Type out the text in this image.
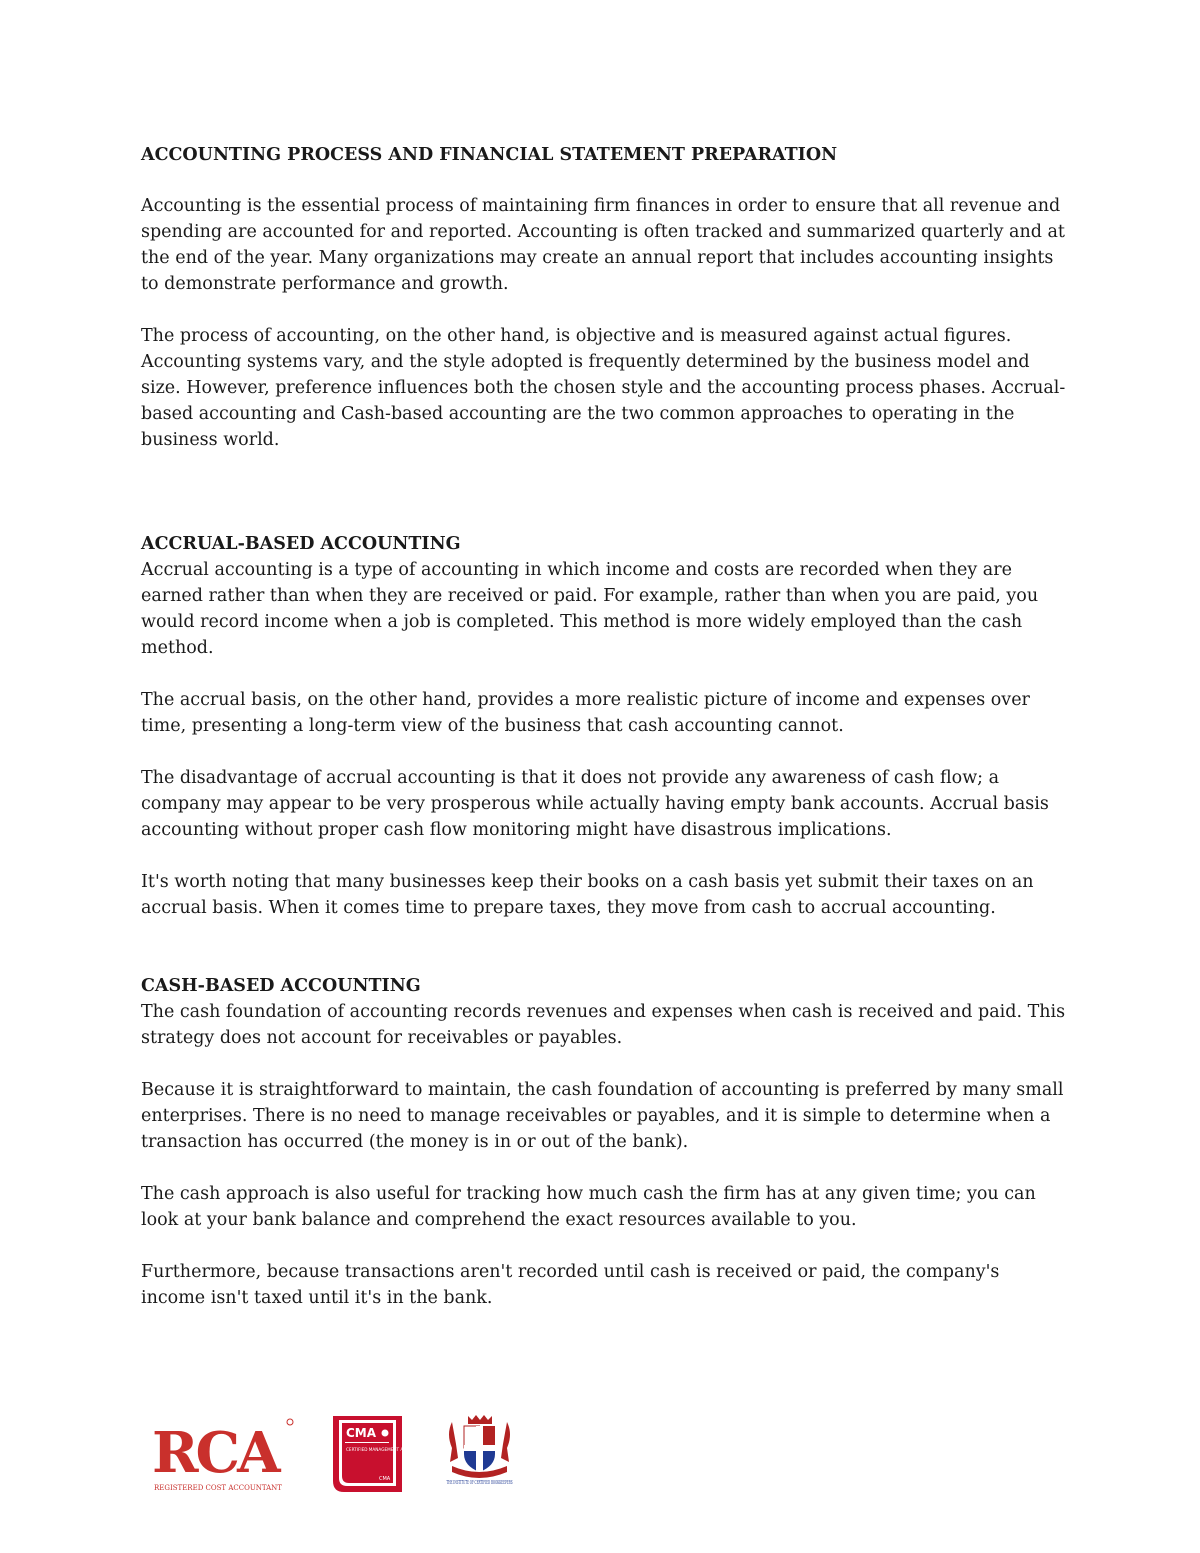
ACCOUNTING PROCESS AND FINANCIAL STATEMENT PREPARATION

Accounting is the essential process of maintaining firm finances in order to ensure that all revenue and spending are accounted for and reported. Accounting is often tracked and summarized quarterly and at the end of the year. Many organizations may create an annual report that includes accounting insights to demonstrate performance and growth.

The process of accounting, on the other hand, is objective and is measured against actual figures. Accounting systems vary, and the style adopted is frequently determined by the business model and size. However, preference influences both the chosen style and the accounting process phases. Accrual-based accounting and Cash-based accounting are the two common approaches to operating in the business world.

ACCRUAL-BASED ACCOUNTING

Accrual accounting is a type of accounting in which income and costs are recorded when they are earned rather than when they are received or paid. For example, rather than when you are paid, you would record income when a job is completed. This method is more widely employed than the cash method.

The accrual basis, on the other hand, provides a more realistic picture of income and expenses over time, presenting a long-term view of the business that cash accounting cannot.

The disadvantage of accrual accounting is that it does not provide any awareness of cash flow; a company may appear to be very prosperous while actually having empty bank accounts. Accrual basis accounting without proper cash flow monitoring might have disastrous implications.

It's worth noting that many businesses keep their books on a cash basis yet submit their taxes on an accrual basis. When it comes time to prepare taxes, they move from cash to accrual accounting.

CASH-BASED ACCOUNTING

The cash foundation of accounting records revenues and expenses when cash is received and paid. This strategy does not account for receivables or payables.

Because it is straightforward to maintain, the cash foundation of accounting is preferred by many small enterprises. There is no need to manage receivables or payables, and it is simple to determine when a transaction has occurred (the money is in or out of the bank).

The cash approach is also useful for tracking how much cash the firm has at any given time; you can look at your bank balance and comprehend the exact resources available to you.

Furthermore, because transactions aren't recorded until cash is received or paid, the company's income isn't taxed until it's in the bank.

RCA
REGISTERED COST ACCOUNTANT
CMA
CERTIFIED MANAGEMENT ACCOUNTANT
CMA
THE INSTITUTE OF CERTIFIED BOOKKEEPERS
